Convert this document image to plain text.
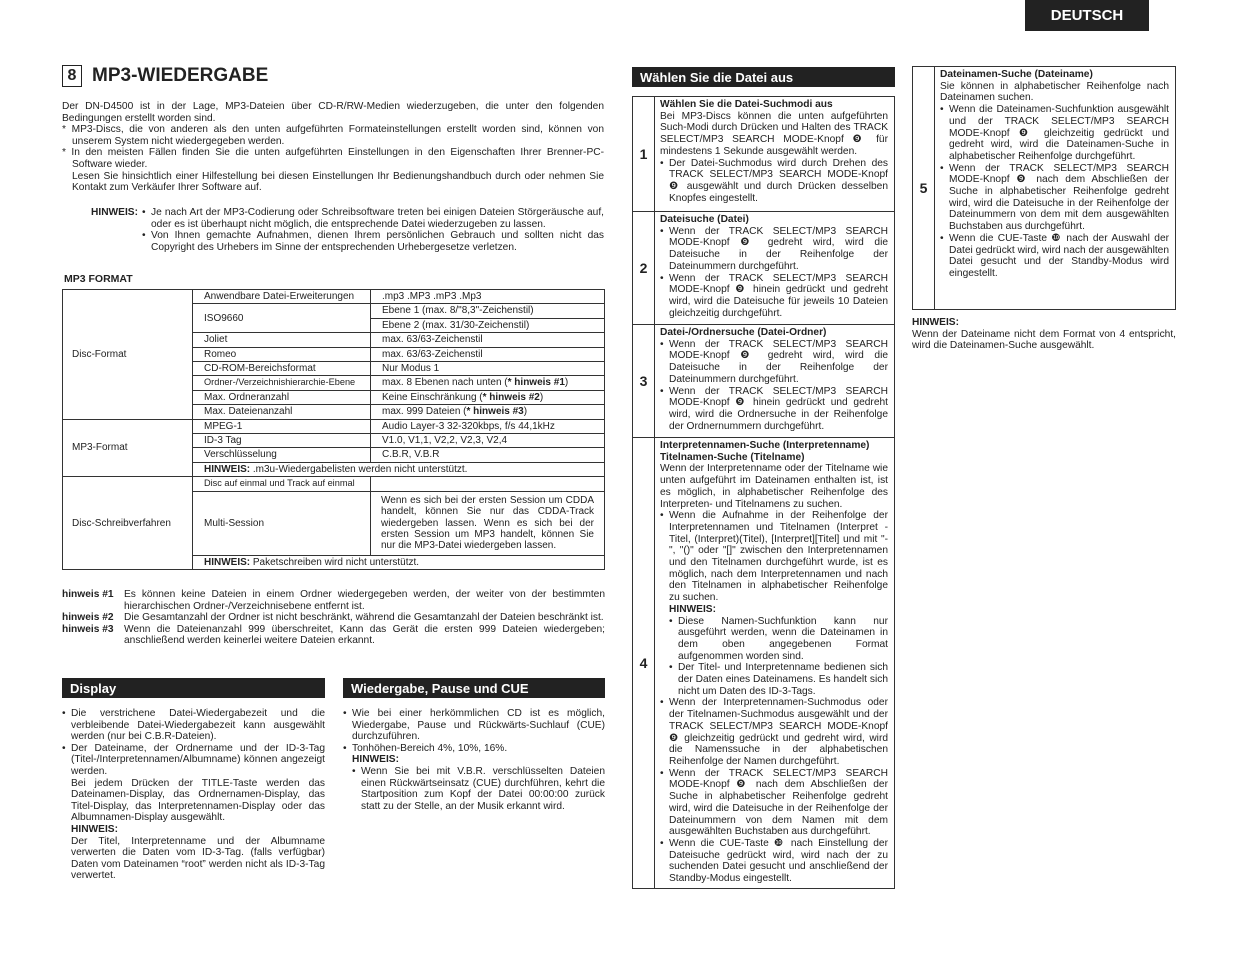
DEUTSCH
8 MP3-WIEDERGABE
Der DN-D4500 ist in der Lage, MP3-Dateien über CD-R/RW-Medien wiederzugeben, die unter den folgenden Bedingungen erstellt worden sind.
* MP3-Discs, die von anderen als den unten aufgeführten Formateinstellungen erstellt worden sind, können von unserem System nicht wiedergegeben werden.
* In den meisten Fällen finden Sie die unten aufgeführten Einstellungen in den Eigenschaften Ihrer Brenner-PC-Software wieder.
Lesen Sie hinsichtlich einer Hilfestellung bei diesen Einstellungen Ihr Bedienungshandbuch durch oder nehmen Sie Kontakt zum Verkäufer Ihrer Software auf.
HINWEIS: • Je nach Art der MP3-Codierung oder Schreibsoftware treten bei einigen Dateien Störgeräusche auf, oder es ist überhaupt nicht möglich, die entsprechende Datei wiederzugeben zu lassen.
• Von Ihnen gemachte Aufnahmen, dienen Ihrem persönlichen Gebrauch und sollten nicht das Copyright des Urhebers im Sinne der entsprechenden Urhebergesetze verletzen.
MP3 FORMAT
Disc-Format	Anwendbare Datei-Erweiterungen	.mp3 .MP3 .mP3 .Mp3
	ISO9660	Ebene 1 (max. 8/"8,3"-Zeichenstil)
		Ebene 2 (max. 31/30-Zeichenstil)
	Joliet	max. 63/63-Zeichenstil
	Romeo	max. 63/63-Zeichenstil
	CD-ROM-Bereichsformat	Nur Modus 1
	Ordner-/Verzeichnishierarchie-Ebene	max. 8 Ebenen nach unten (* hinweis #1)
	Max. Ordneranzahl	Keine Einschränkung (* hinweis #2)
	Max. Dateienanzahl	max. 999 Dateien (* hinweis #3)
MP3-Format	MPEG-1	Audio Layer-3 32-320kbps, f/s 44,1kHz
	ID-3 Tag	V1.0, V1,1, V2,2, V2,3, V2,4
	Verschlüsselung	C.B.R, V.B.R
	HINWEIS: .m3u-Wiedergabelisten werden nicht unterstützt.	
Disc-Schreibverfahren	Disc auf einmal und Track auf einmal	
	Multi-Session	Wenn es sich bei der ersten Session um CDDA handelt, können Sie nur das CDDA-Track wiedergeben lassen. Wenn es sich bei der ersten Session um MP3 handelt, können Sie nur die MP3-Datei wiedergeben lassen.
	HINWEIS: Paketschreiben wird nicht unterstützt.	
hinweis #1	Es können keine Dateien in einem Ordner wiedergegeben werden, der weiter von der bestimmten hierarchischen Ordner-/Verzeichnisebene entfernt ist.
hinweis #2	Die Gesamtanzahl der Ordner ist nicht beschränkt, während die Gesamtanzahl der Dateien beschränkt ist.
hinweis #3	Wenn die Dateienanzahl 999 überschreitet, Kann das Gerät die ersten 999 Dateien wiedergeben; anschließend werden keinerlei weitere Dateien erkannt.
Display
• Die verstrichene Datei-Wiedergabezeit und die verbleibende Datei-Wiedergabezeit kann ausgewählt werden (nur bei C.B.R-Dateien).
• Der Dateiname, der Ordnername und der ID-3-Tag (Titel-/Interpretennamen/Albumname) können angezeigt werden.
Bei jedem Drücken der TITLE-Taste werden das Dateinamen-Display, das Ordnernamen-Display, das Titel-Display, das Interpretennamen-Display oder das Albumnamen-Display ausgewählt.
HINWEIS:
Der Titel, Interpretenname und der Albumname verwerten die Daten vom ID-3-Tag. (falls verfügbar) Daten vom Dateinamen “root” werden nicht als ID-3-Tag verwertet.
Wiedergabe, Pause und CUE
• Wie bei einer herkömmlichen CD ist es möglich, Wiedergabe, Pause und Rückwärts-Suchlauf (CUE) durchzuführen.
• Tonhöhen-Bereich 4%, 10%, 16%.
HINWEIS:
• Wenn Sie bei mit V.B.R. verschlüsselten Dateien einen Rückwärtseinsatz (CUE) durchführen, kehrt die Startposition zum Kopf der Datei 00:00:00 zurück statt zu der Stelle, an der Musik erkannt wird.
Wählen Sie die Datei aus
1
Wählen Sie die Datei-Suchmodi aus
Bei MP3-Discs können die unten aufgeführten Such-Modi durch Drücken und Halten des TRACK SELECT/MP3 SEARCH MODE-Knopf ❾ für mindestens 1 Sekunde ausgewählt werden.
• Der Datei-Suchmodus wird durch Drehen des TRACK SELECT/MP3 SEARCH MODE-Knopf ❾ ausgewählt und durch Drücken desselben Knopfes eingestellt.
2
Dateisuche (Datei)
• Wenn der TRACK SELECT/MP3 SEARCH MODE-Knopf ❾ gedreht wird, wird die Dateisuche in der Reihenfolge der Dateinummern durchgeführt.
• Wenn der TRACK SELECT/MP3 SEARCH MODE-Knopf ❾ hinein gedrückt und gedreht wird, wird die Dateisuche für jeweils 10 Dateien gleichzeitig durchgeführt.
3
Datei-/Ordnersuche (Datei-Ordner)
• Wenn der TRACK SELECT/MP3 SEARCH MODE-Knopf ❾ gedreht wird, wird die Dateisuche in der Reihenfolge der Dateinummern durchgeführt.
• Wenn der TRACK SELECT/MP3 SEARCH MODE-Knopf ❾ hinein gedrückt und gedreht wird, wird die Ordnersuche in der Reihenfolge der Ordnernummern durchgeführt.
4
Interpretennamen-Suche (Interpretenname)
Titelnamen-Suche (Titelname)
Wenn der Interpretenname oder der Titelname wie unten aufgeführt im Dateinamen enthalten ist, ist es möglich, in alphabetischer Reihenfolge des Interpreten- und Titelnamens zu suchen.
• Wenn die Aufnahme in der Reihenfolge der Interpretennamen und Titelnamen (Interpret - Titel, (Interpret)(Titel), [Interpret][Titel] und mit "-", "()" oder "[]" zwischen den Interpretennamen und den Titelnamen durchgeführt wurde, ist es möglich, nach dem Interpretennamen und nach den Titelnamen in alphabetischer Reihenfolge zu suchen.
HINWEIS:
• Diese Namen-Suchfunktion kann nur ausgeführt werden, wenn die Dateinamen in dem oben angegebenen Format aufgenommen worden sind.
• Der Titel- und Interpretenname bedienen sich der Daten eines Dateinamens. Es handelt sich nicht um Daten des ID-3-Tags.
• Wenn der Interpretennamen-Suchmodus oder der Titelnamen-Suchmodus ausgewählt und der TRACK SELECT/MP3 SEARCH MODE-Knopf ❾ gleichzeitig gedrückt und gedreht wird, wird die Namenssuche in der alphabetischen Reihenfolge der Namen durchgeführt.
• Wenn der TRACK SELECT/MP3 SEARCH MODE-Knopf ❾ nach dem Abschließen der Suche in alphabetischer Reihenfolge gedreht wird, wird die Dateisuche in der Reihenfolge der Dateinummern von dem Namen mit dem ausgewählten Buchstaben aus durchgeführt.
• Wenn die CUE-Taste ❿ nach Einstellung der Dateisuche gedrückt wird, wird nach der zu suchenden Datei gesucht und anschließend der Standby-Modus eingestellt.
5
Dateinamen-Suche (Dateiname)
Sie können in alphabetischer Reihenfolge nach Dateinamen suchen.
• Wenn die Dateinamen-Suchfunktion ausgewählt und der TRACK SELECT/MP3 SEARCH MODE-Knopf ❾ gleichzeitig gedrückt und gedreht wird, wird die Dateinamen-Suche in alphabetischer Reihenfolge durchgeführt.
• Wenn der TRACK SELECT/MP3 SEARCH MODE-Knopf ❾ nach dem Abschließen der Suche in alphabetischer Reihenfolge gedreht wird, wird die Dateisuche in der Reihenfolge der Dateinummern von dem mit dem ausgewählten Buchstaben aus durchgeführt.
• Wenn die CUE-Taste ❿ nach der Auswahl der Datei gedrückt wird, wird nach der ausgewählten Datei gesucht und der Standby-Modus wird eingestellt.
HINWEIS:
Wenn der Dateiname nicht dem Format von 4 entspricht, wird die Dateinamen-Suche ausgewählt.
